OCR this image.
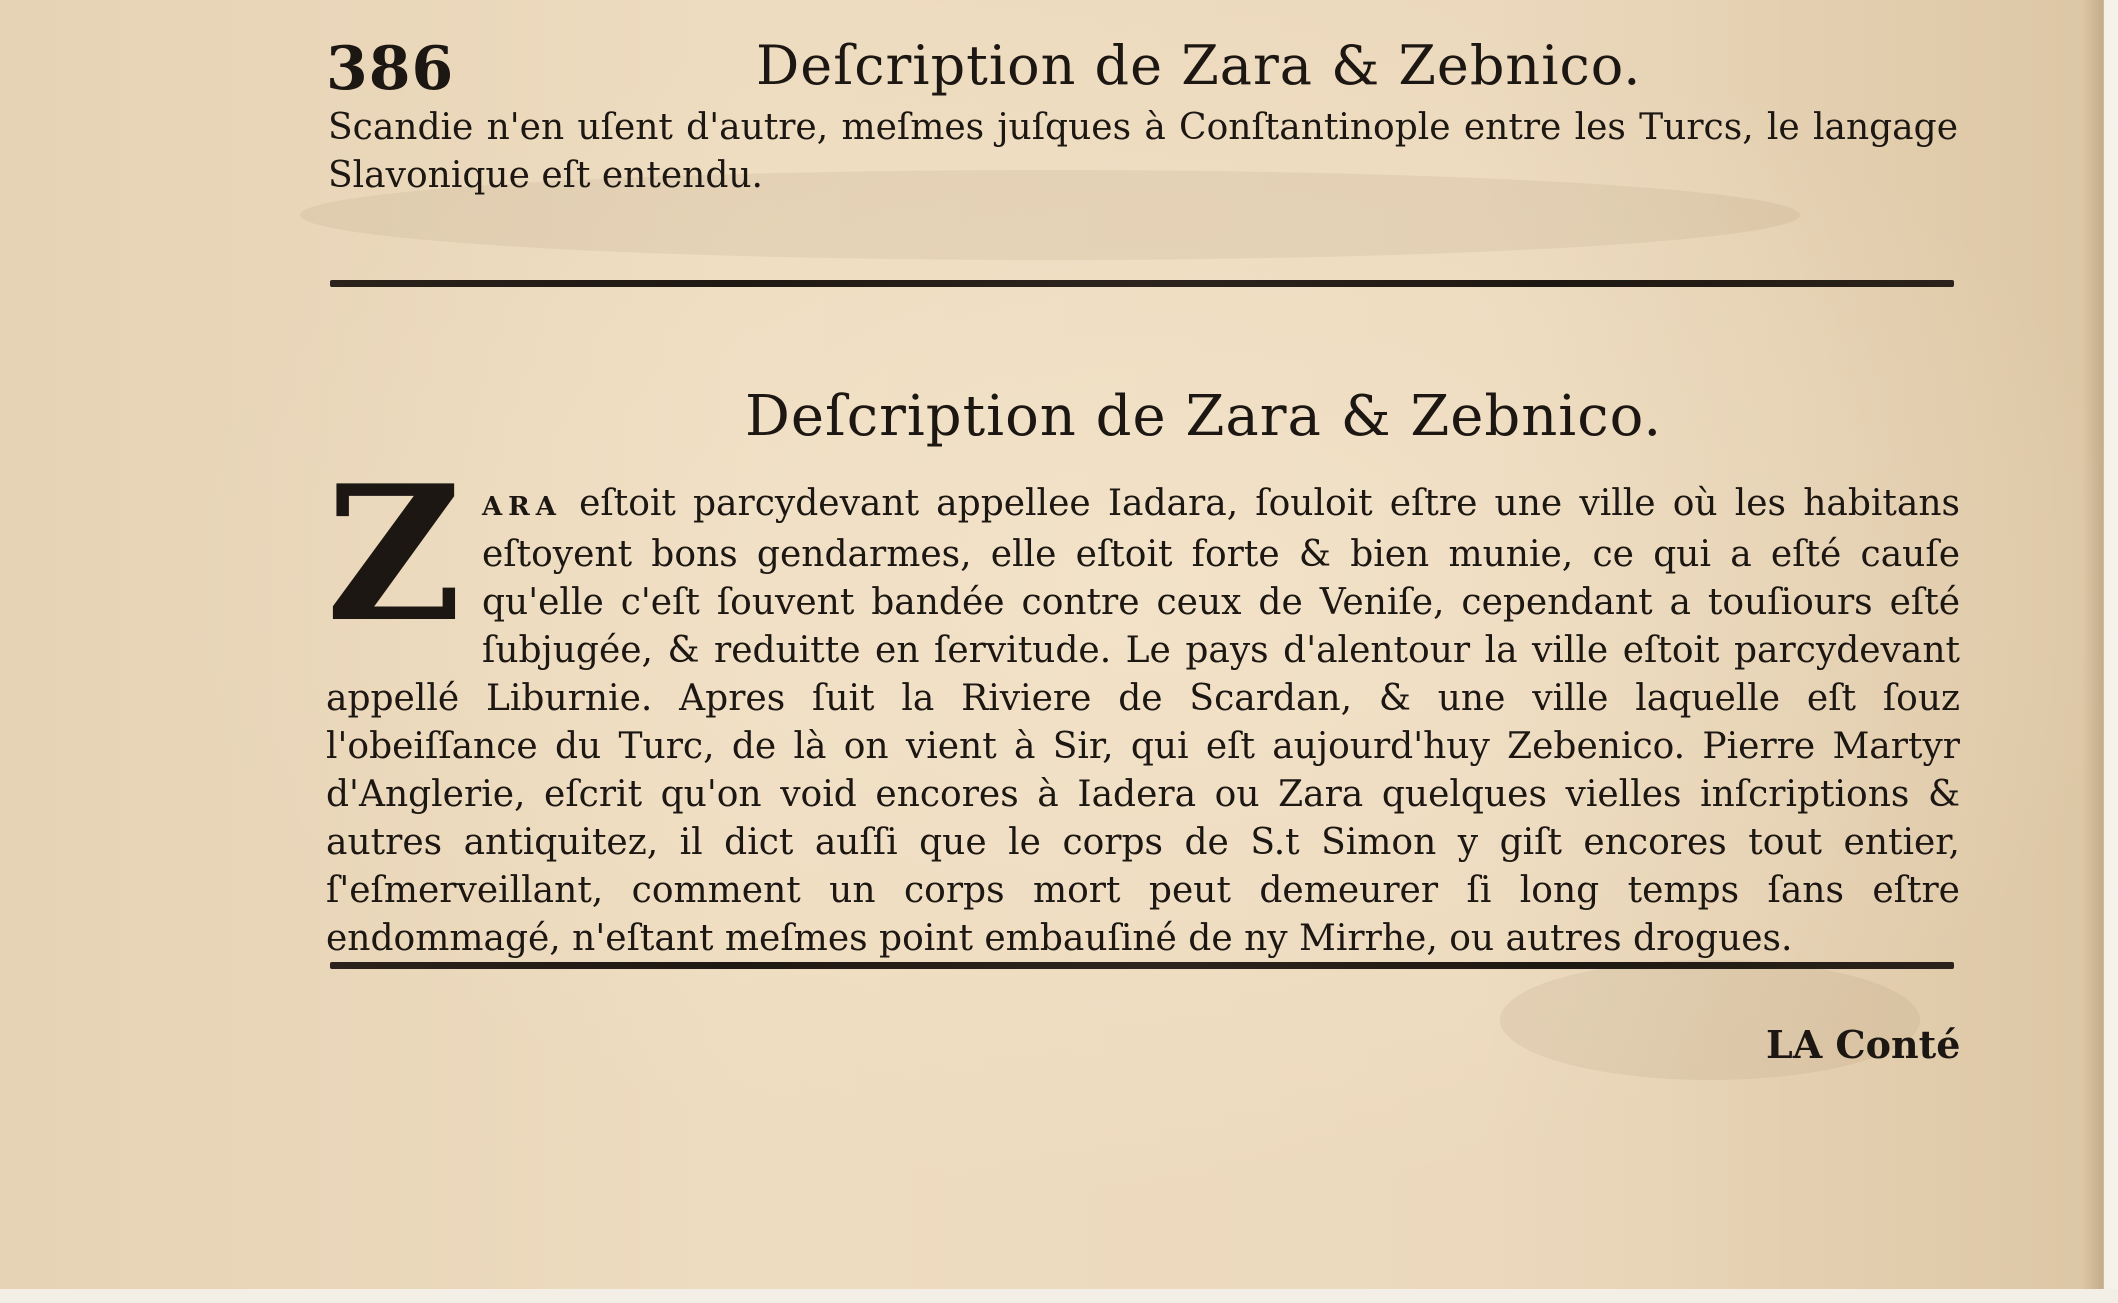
386	Deſcription de Zara & Zebnico.
Scandie n'en uſent d'autre, meſmes juſques à Conſtantinople entre les Turcs, le langage Slavonique eſt entendu.
Deſcription de Zara & Zebnico.
Z ARA eſtoit parcydevant appellee Iadara, ſouloit eſtre une ville où les habitans eſtoyent bons gendarmes, elle eſtoit forte & bien munie, ce qui a eſté cauſe qu'elle c'eſt ſouvent bandée contre ceux de Veniſe, cependant a touſiours eſté ſubjugée, & reduitte en ſervitude. Le pays d'alentour la ville eſtoit parcydevant appellé Liburnie. Apres ſuit la Riviere de Scardan, & une ville laquelle eſt ſouz l'obeiſſance du Turc, de là on vient à Sir, qui eſt aujourd'huy Zebenico. Pierre Martyr d'Anglerie, eſcrit qu'on void encores à Iadera ou Zara quelques vielles inſcriptions & autres antiquitez, il dict auſſi que le corps de S.t Simon y giſt encores tout entier, ſ'eſmerveillant, comment un corps mort peut demeurer ſi long temps ſans eſtre endommagé, n'eſtant meſmes point embauſiné de ny Mirrhe, ou autres drogues.
LA Conté
